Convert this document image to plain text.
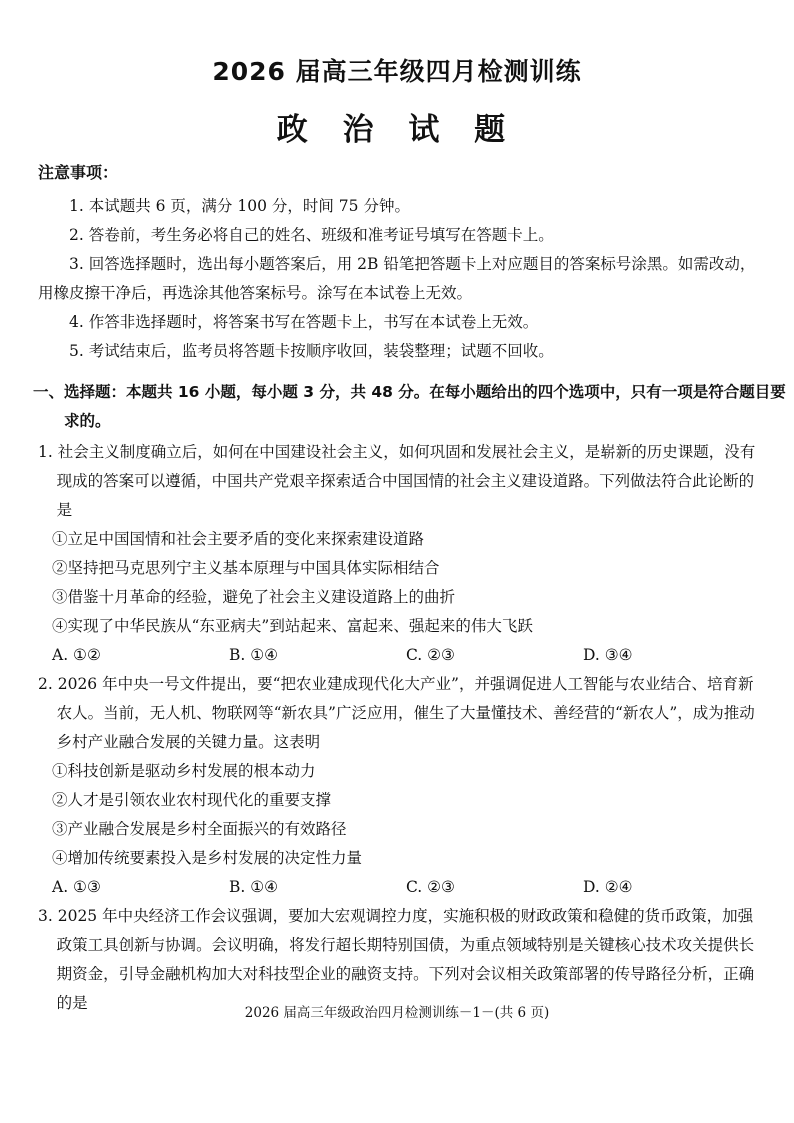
2026 届高三年级四月检测训练
政 治 试 题
注意事项：
1. 本试题共 6 页，满分 100 分，时间 75 分钟。
2. 答卷前，考生务必将自己的姓名、班级和准考证号填写在答题卡上。
3. 回答选择题时，选出每小题答案后，用 2B 铅笔把答题卡上对应题目的答案标号涂黑。如需改动，用橡皮擦干净后，再选涂其他答案标号。涂写在本试卷上无效。
4. 作答非选择题时，将答案书写在答题卡上，书写在本试卷上无效。
5. 考试结束后，监考员将答题卡按顺序收回，装袋整理；试题不回收。
一、选择题：本题共 16 小题，每小题 3 分，共 48 分。在每小题给出的四个选项中，只有一项是符合题目要求的。
1. 社会主义制度确立后，如何在中国建设社会主义，如何巩固和发展社会主义，是崭新的历史课题，没有现成的答案可以遵循，中国共产党艰辛探索适合中国国情的社会主义建设道路。下列做法符合此论断的是
①立足中国国情和社会主要矛盾的变化来探索建设道路
②坚持把马克思列宁主义基本原理与中国具体实际相结合
③借鉴十月革命的经验，避免了社会主义建设道路上的曲折
④实现了中华民族从“东亚病夫”到站起来、富起来、强起来的伟大飞跃
A. ①②	B. ①④	C. ②③	D. ③④
2. 2026 年中央一号文件提出，要“把农业建成现代化大产业”，并强调促进人工智能与农业结合、培育新农人。当前，无人机、物联网等“新农具”广泛应用，催生了大量懂技术、善经营的“新农人”，成为推动乡村产业融合发展的关键力量。这表明
①科技创新是驱动乡村发展的根本动力
②人才是引领农业农村现代化的重要支撑
③产业融合发展是乡村全面振兴的有效路径
④增加传统要素投入是乡村发展的决定性力量
A. ①③	B. ①④	C. ②③	D. ②④
3. 2025 年中央经济工作会议强调，要加大宏观调控力度，实施积极的财政政策和稳健的货币政策，加强政策工具创新与协调。会议明确，将发行超长期特别国债，为重点领域特别是关键核心技术攻关提供长期资金，引导金融机构加大对科技型企业的融资支持。下列对会议相关政策部署的传导路径分析，正确的是
2026 届高三年级政治四月检测训练－1－(共 6 页)
